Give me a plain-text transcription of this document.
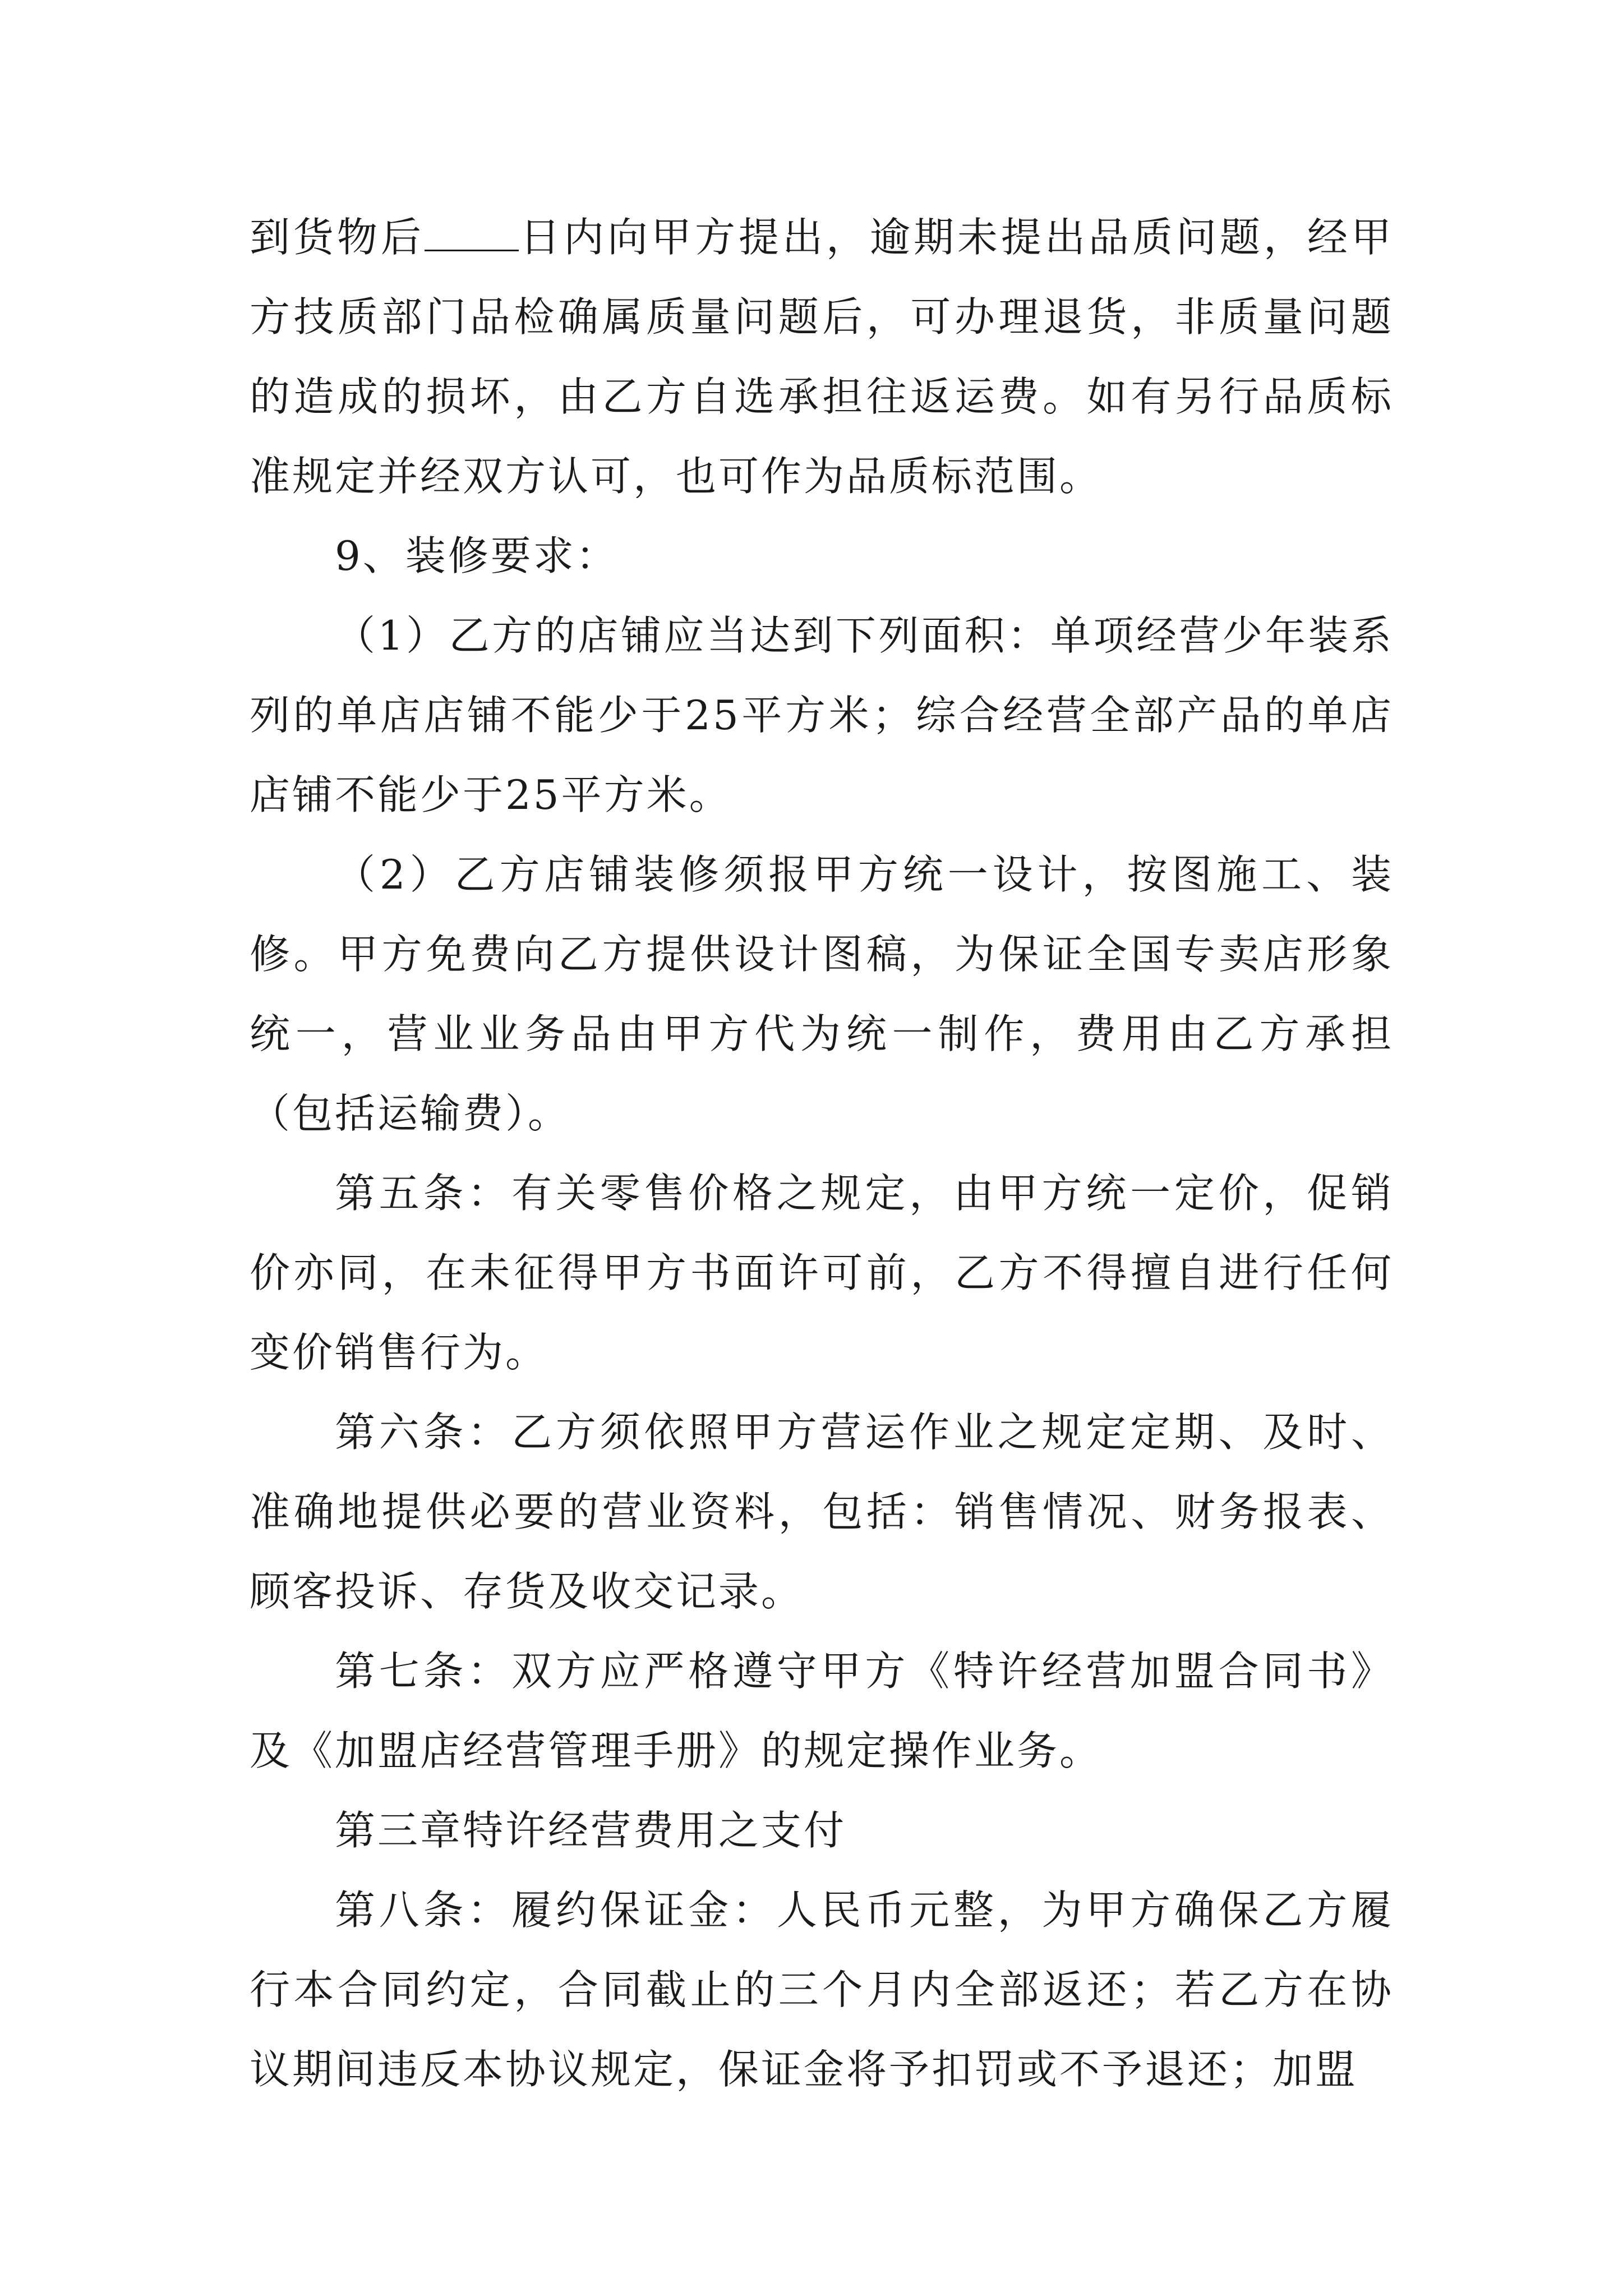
到货物后 日内向甲方提出，逾期未提出品质问题，经甲方技质部门品检确属质量问题后，可办理退货，非质量问题的造成的损坏，由乙方自选承担往返运费。如有另行品质标准规定并经双方认可，也可作为品质标范围。

9、装修要求：

（1）乙方的店铺应当达到下列面积：单项经营少年装系列的单店店铺不能少于25平方米；综合经营全部产品的单店店铺不能少于25平方米。

（2）乙方店铺装修须报甲方统一设计，按图施工、装修。甲方免费向乙方提供设计图稿，为保证全国专卖店形象统一，营业业务品由甲方代为统一制作，费用由乙方承担（包括运输费）。

第五条：有关零售价格之规定，由甲方统一定价，促销价亦同，在未征得甲方书面许可前，乙方不得擅自进行任何变价销售行为。

第六条：乙方须依照甲方营运作业之规定定期、及时、准确地提供必要的营业资料，包括：销售情况、财务报表、顾客投诉、存货及收交记录。

第七条：双方应严格遵守甲方《特许经营加盟合同书》及《加盟店经营管理手册》的规定操作业务。

第三章特许经营费用之支付

第八条：履约保证金：人民币元整，为甲方确保乙方履行本合同约定，合同截止的三个月内全部返还；若乙方在协议期间违反本协议规定，保证金将予扣罚或不予退还；加盟
